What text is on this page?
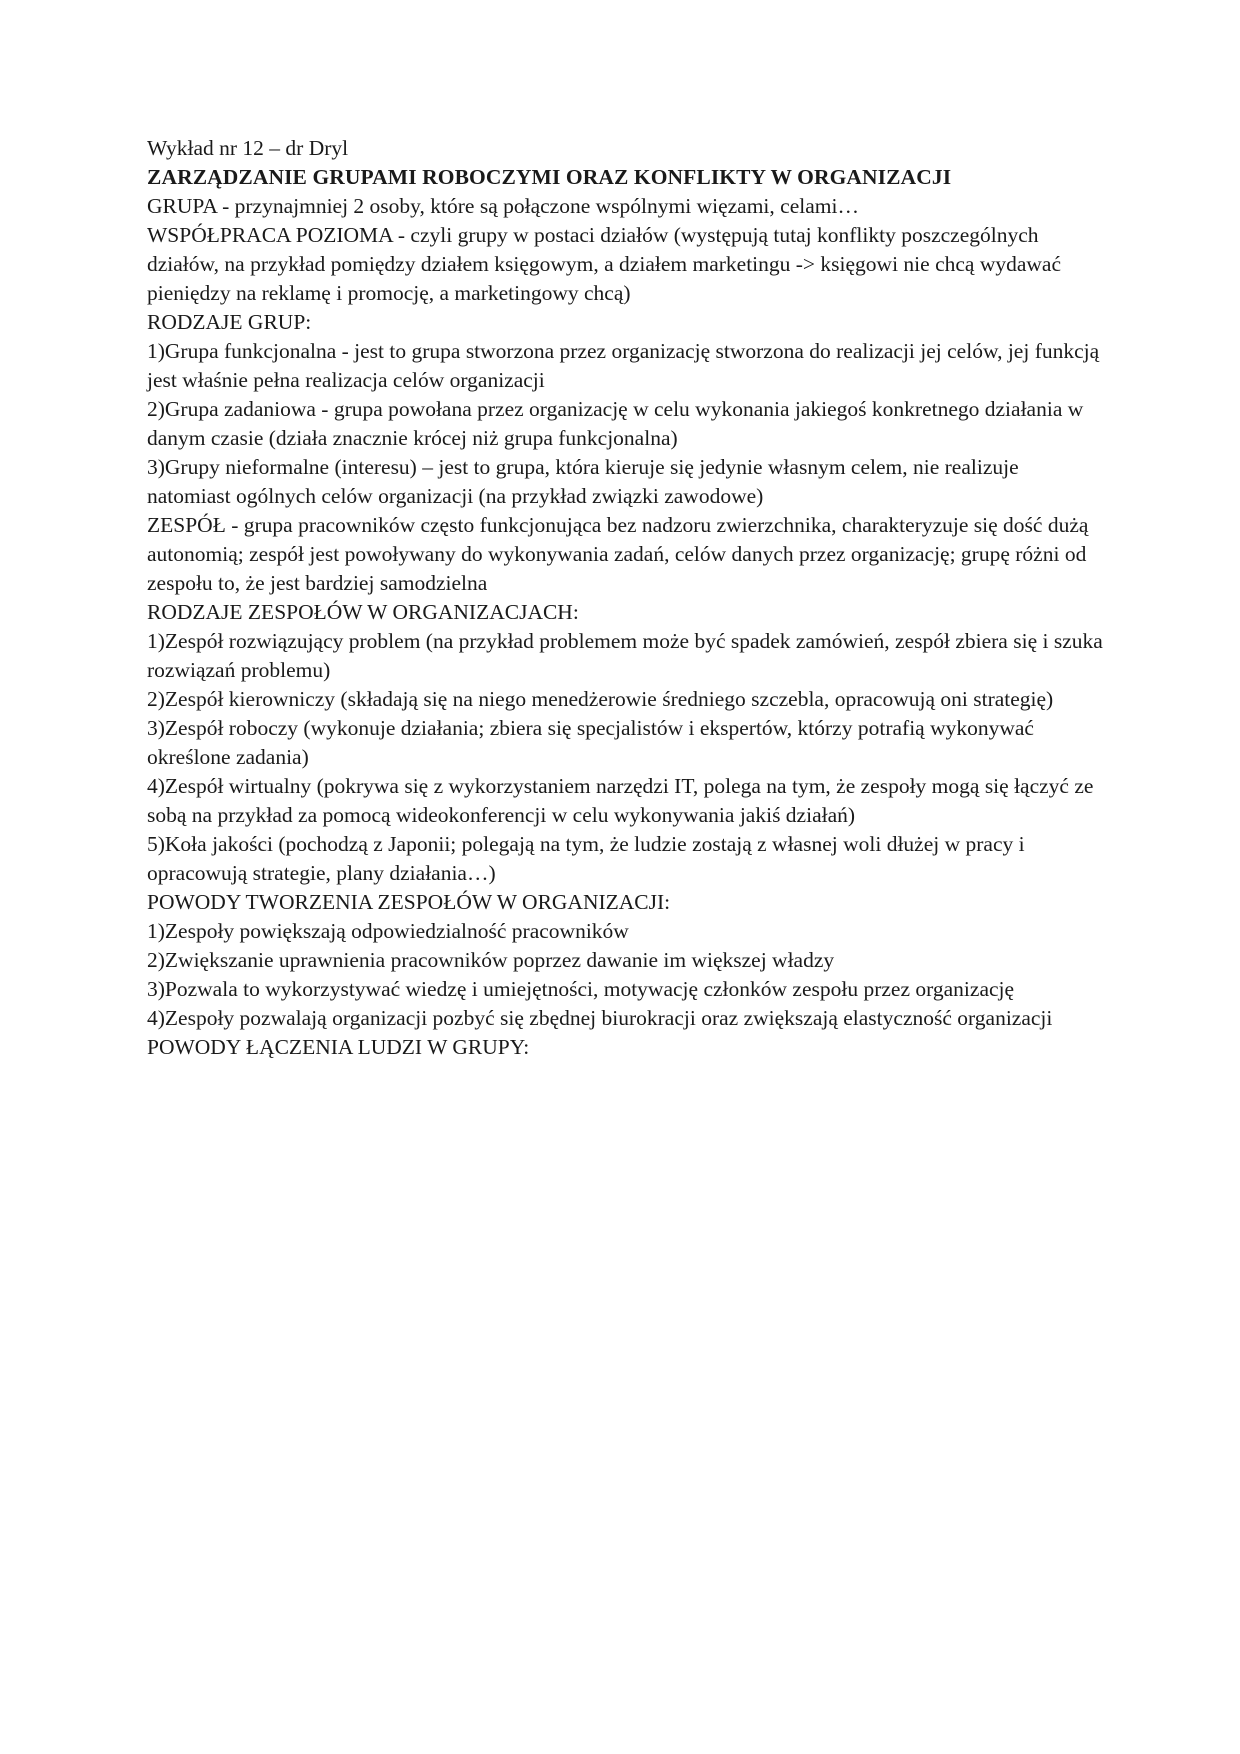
Wykład nr 12 – dr Dryl

ZARZĄDZANIE GRUPAMI ROBOCZYMI ORAZ KONFLIKTY W ORGANIZACJI

GRUPA - przynajmniej 2 osoby, które są połączone wspólnymi więzami, celami…

WSPÓŁPRACA POZIOMA - czyli grupy w postaci działów (występują tutaj konflikty poszczególnych działów, na przykład pomiędzy działem księgowym, a działem marketingu -> księgowi nie chcą wydawać pieniędzy na reklamę i promocję, a marketingowy chcą)

RODZAJE GRUP:

1)Grupa funkcjonalna - jest to grupa stworzona przez organizację stworzona do realizacji jej celów, jej funkcją jest właśnie pełna realizacja celów organizacji
2)Grupa zadaniowa - grupa powołana przez organizację w celu wykonania jakiegoś konkretnego działania w danym czasie (działa znacznie krócej niż grupa funkcjonalna)
3)Grupy nieformalne (interesu) – jest to grupa, która kieruje się jedynie własnym celem, nie realizuje natomiast ogólnych celów organizacji (na przykład związki zawodowe)

ZESPÓŁ - grupa pracowników często funkcjonująca bez nadzoru zwierzchnika, charakteryzuje się dość dużą autonomią; zespół jest powoływany do wykonywania zadań, celów danych przez organizację; grupę różni od zespołu to, że jest bardziej samodzielna

RODZAJE ZESPOŁÓW W ORGANIZACJACH:

1)Zespół rozwiązujący problem (na przykład problemem może być spadek zamówień, zespół zbiera się i szuka rozwiązań problemu)
2)Zespół kierowniczy (składają się na niego menedżerowie średniego szczebla, opracowują oni strategię)
3)Zespół roboczy (wykonuje działania; zbiera się specjalistów i ekspertów, którzy potrafią wykonywać określone zadania)
4)Zespół wirtualny (pokrywa się z wykorzystaniem narzędzi IT, polega na tym, że zespoły mogą się łączyć ze sobą na przykład za pomocą wideokonferencji w celu wykonywania jakiś działań)
5)Koła jakości (pochodzą z Japonii; polegają na tym, że ludzie zostają z własnej woli dłużej w pracy i opracowują strategie, plany działania…)

POWODY TWORZENIA ZESPOŁÓW W ORGANIZACJI:

1)Zespoły powiększają odpowiedzialność pracowników
2)Zwiększanie uprawnienia pracowników poprzez dawanie im większej władzy
3)Pozwala to wykorzystywać wiedzę i umiejętności, motywację członków zespołu przez organizację
4)Zespoły pozwalają organizacji pozbyć się zbędnej biurokracji oraz zwiększają elastyczność organizacji

POWODY ŁĄCZENIA LUDZI W GRUPY:
